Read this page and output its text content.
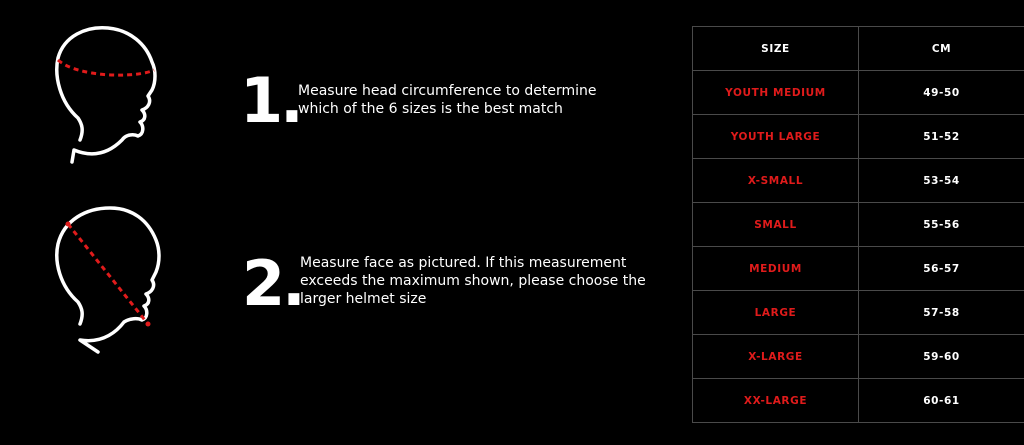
1.
Measure head circumference to determine which of the 6 sizes is the best match
2.
Measure face as pictured. If this measurement exceeds the maximum shown, please choose the larger helmet size
SIZE	CM
YOUTH MEDIUM	49-50
YOUTH LARGE	51-52
X-SMALL	53-54
SMALL	55-56
MEDIUM	56-57
LARGE	57-58
X-LARGE	59-60
XX-LARGE	60-61
